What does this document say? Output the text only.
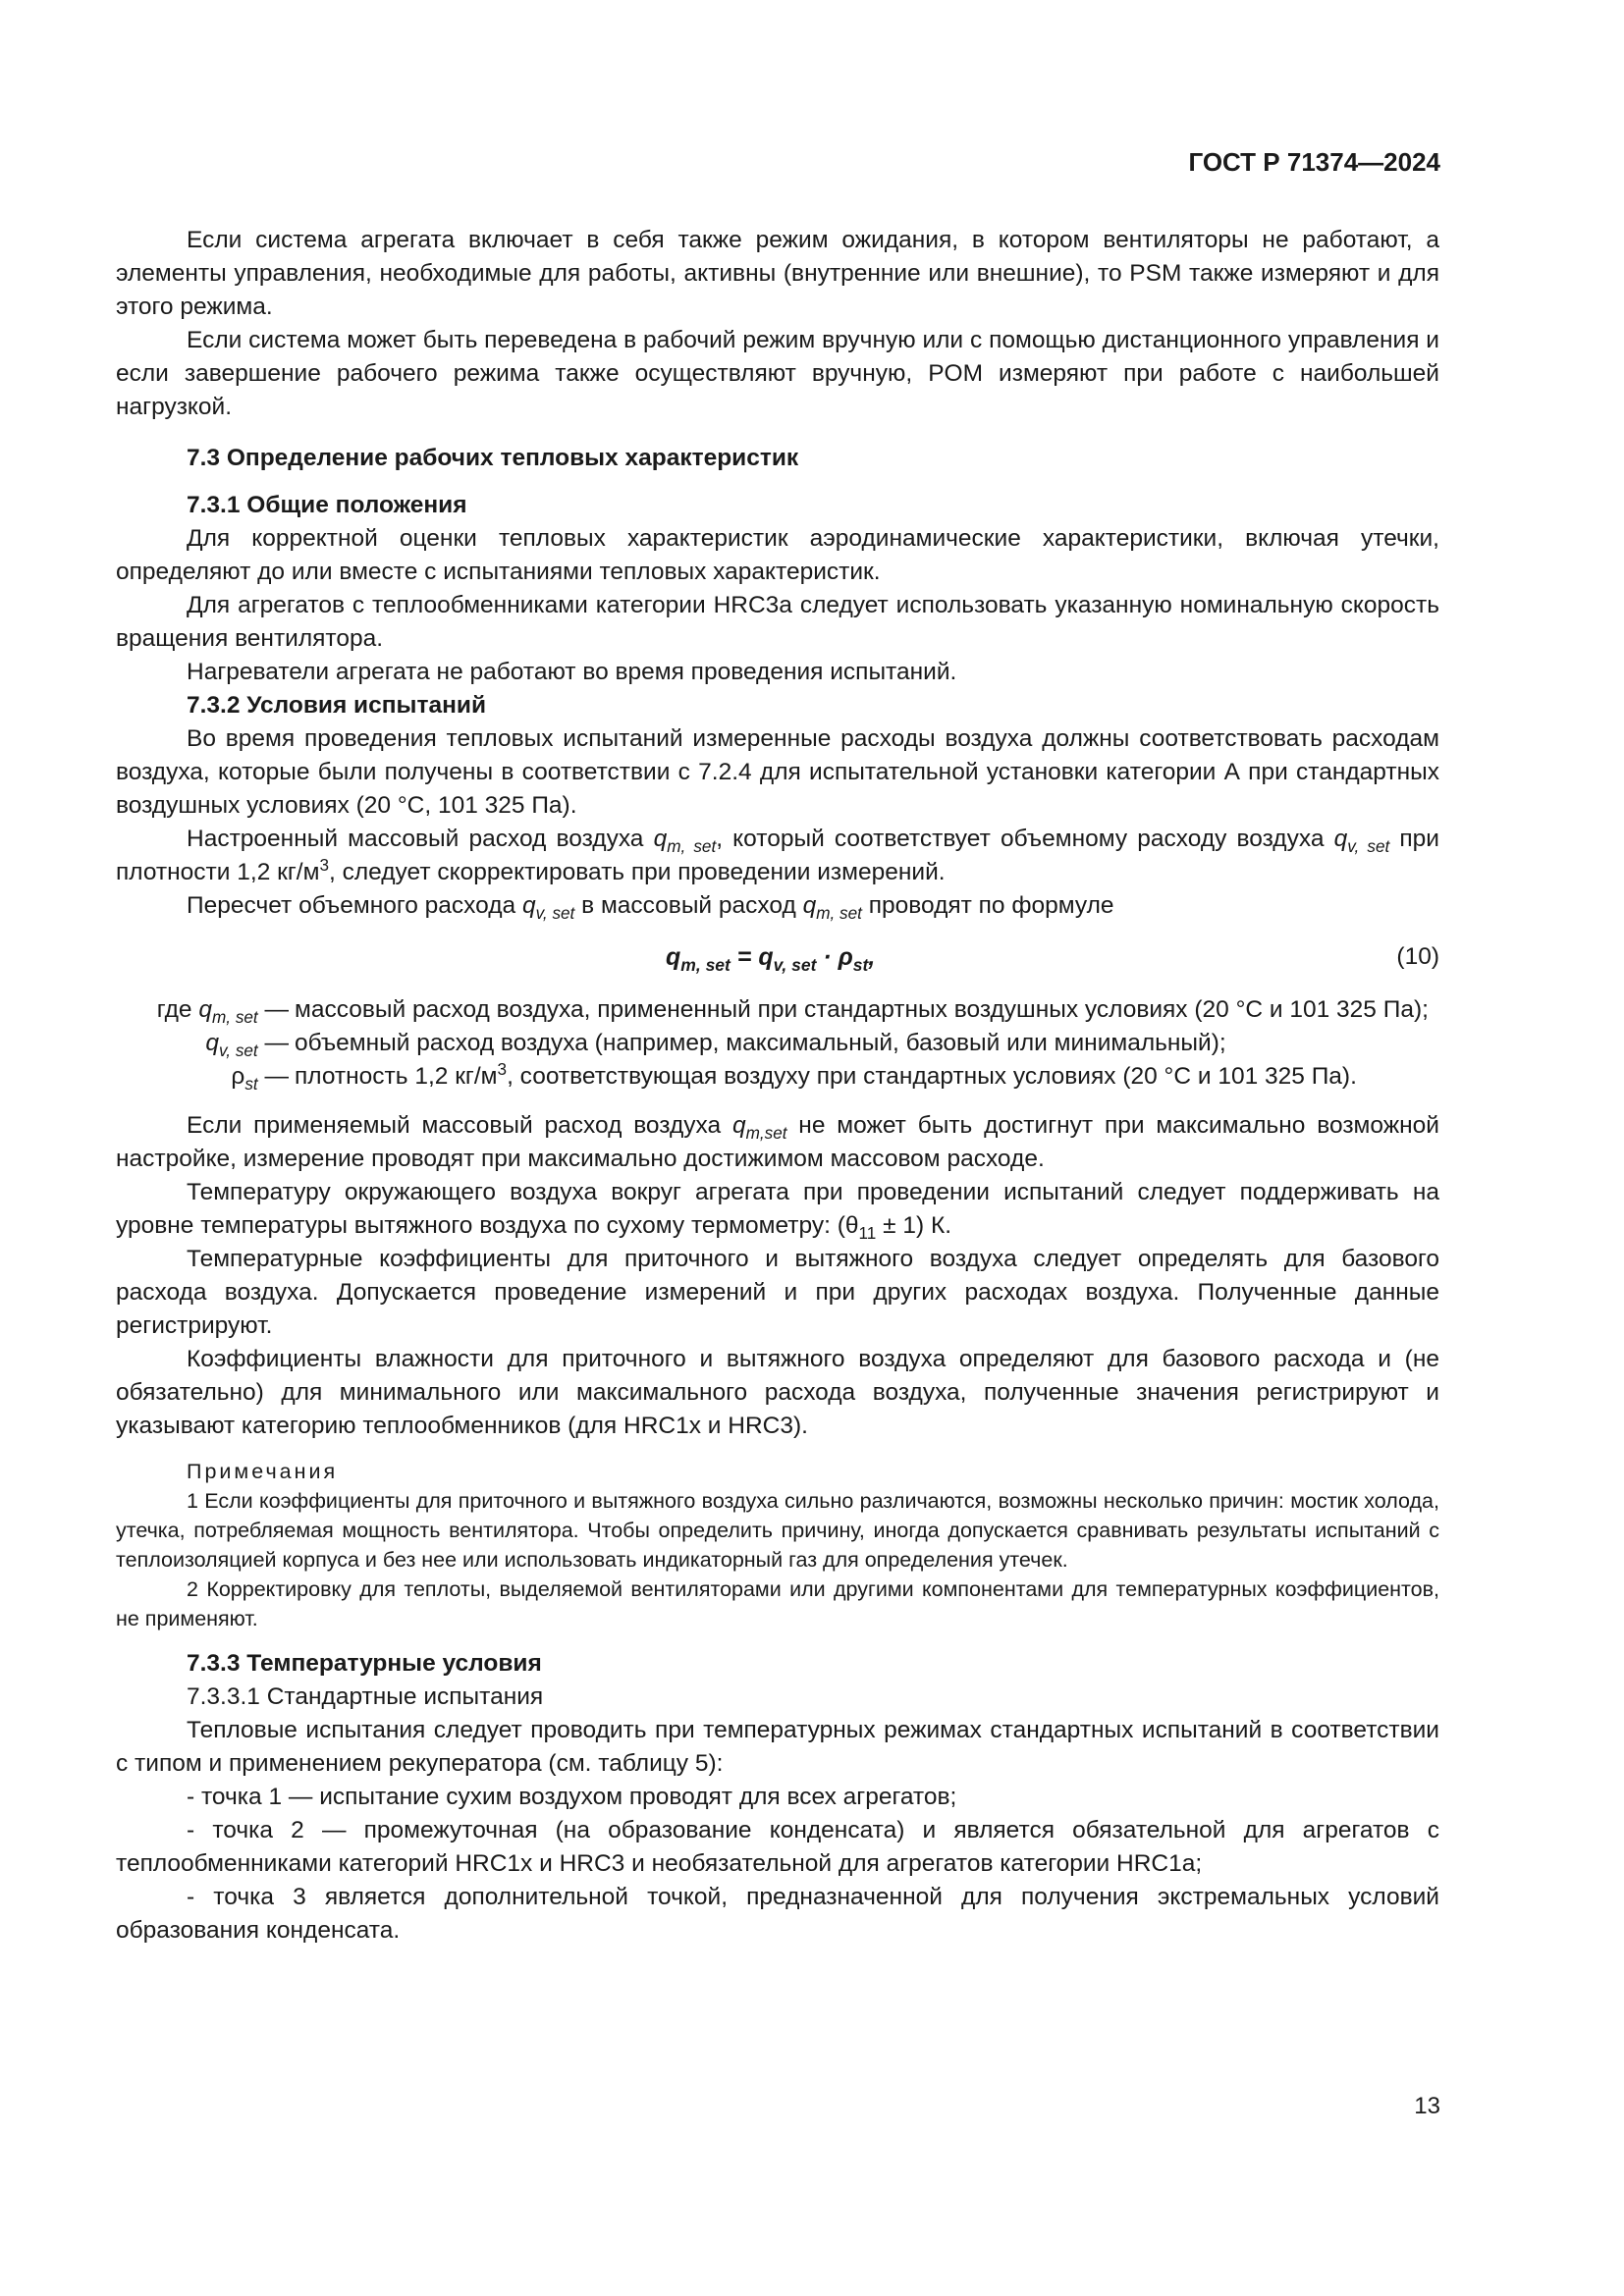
ГОСТ Р 71374—2024

Если система агрегата включает в себя также режим ожидания, в котором вентиляторы не работают, а элементы управления, необходимые для работы, активны (внутренние или внешние), то PSM также измеряют и для этого режима.

Если система может быть переведена в рабочий режим вручную или с помощью дистанционного управления и если завершение рабочего режима также осуществляют вручную, POM измеряют при работе с наибольшей нагрузкой.

7.3 Определение рабочих тепловых характеристик
7.3.1 Общие положения

Для корректной оценки тепловых характеристик аэродинамические характеристики, включая утечки, определяют до или вместе с испытаниями тепловых характеристик.

Для агрегатов с теплообменниками категории HRC3a следует использовать указанную номинальную скорость вращения вентилятора.

Нагреватели агрегата не работают во время проведения испытаний.

7.3.2 Условия испытаний

Во время проведения тепловых испытаний измеренные расходы воздуха должны соответствовать расходам воздуха, которые были получены в соответствии с 7.2.4 для испытательной установки категории А при стандартных воздушных условиях (20 °С, 101 325 Па).

Настроенный массовый расход воздуха $q_{m, set}$, который соответствует объемному расходу воздуха $q_{v, set}$ при плотности 1,2 $кг/м^3$, следует скорректировать при проведении измерений.

Пересчет объемного расхода $q_{v, set}$ в массовый расход $q_{m, set}$ проводят по формуле

$q_{m, set} = q_{v, set} \cdot \rho_{st}$,	(10)
где $q_{m, set}$ — массовый расход воздуха, примененный при стандартных воздушных условиях (20 °С и 101 325 Па);
$q_{v, set}$ — объемный расход воздуха (например, максимальный, базовый или минимальный);
$\rho_{st}$ — плотность 1,2 $кг/м^3$, соответствующая воздуху при стандартных условиях (20 °С и 101 325 Па).

Если применяемый массовый расход воздуха $q_{m,set}$ не может быть достигнут при максимально возможной настройке, измерение проводят при максимально достижимом массовом расходе.

Температуру окружающего воздуха вокруг агрегата при проведении испытаний следует поддерживать на уровне температуры вытяжного воздуха по сухому термометру: $(\theta_{11} \pm 1)$ К.

Температурные коэффициенты для приточного и вытяжного воздуха следует определять для базового расхода воздуха. Допускается проведение измерений и при других расходах воздуха. Полученные данные регистрируют.

Коэффициенты влажности для приточного и вытяжного воздуха определяют для базового расхода и (не обязательно) для минимального или максимального расхода воздуха, полученные значения регистрируют и указывают категорию теплообменников (для HRC1x и HRC3).

Примечания

1 Если коэффициенты для приточного и вытяжного воздуха сильно различаются, возможны несколько причин: мостик холода, утечка, потребляемая мощность вентилятора. Чтобы определить причину, иногда допускается сравнивать результаты испытаний с теплоизоляцией корпуса и без нее или использовать индикаторный газ для определения утечек.

2 Корректировку для теплоты, выделяемой вентиляторами или другими компонентами для температурных коэффициентов, не применяют.

7.3.3 Температурные условия

7.3.3.1 Стандартные испытания

Тепловые испытания следует проводить при температурных режимах стандартных испытаний в соответствии с типом и применением рекуператора (см. таблицу 5):

- точка 1 — испытание сухим воздухом проводят для всех агрегатов;

- точка 2 — промежуточная (на образование конденсата) и является обязательной для агрегатов с теплообменниками категорий HRC1x и HRC3 и необязательной для агрегатов категории HRC1a;

- точка 3 является дополнительной точкой, предназначенной для получения экстремальных условий образования конденсата.

13
